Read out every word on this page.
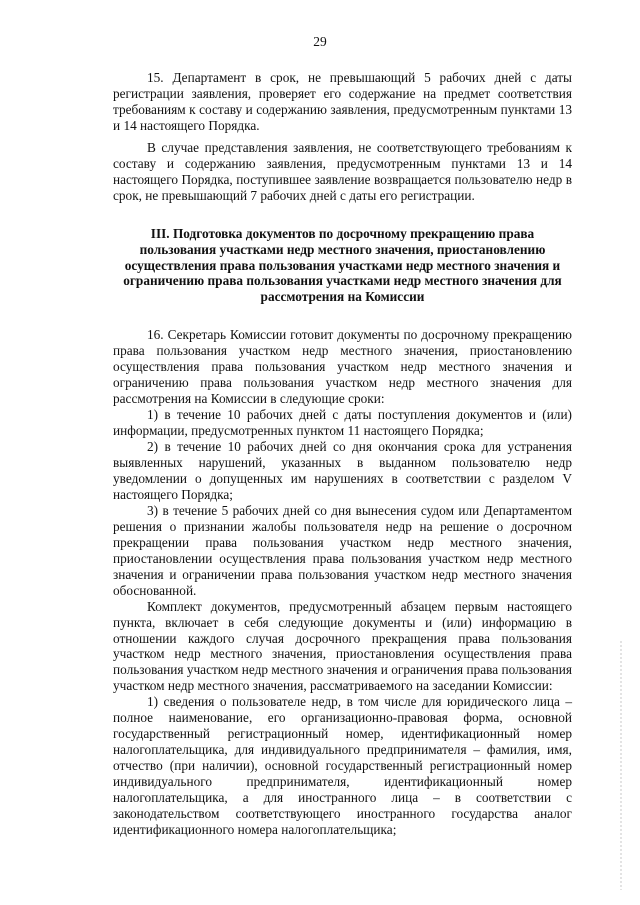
29

15. Департамент в срок, не превышающий 5 рабочих дней с даты регистрации заявления, проверяет его содержание на предмет соответствия требованиям к составу и содержанию заявления, предусмотренным пунктами 13 и 14 настоящего Порядка.

В случае представления заявления, не соответствующего требованиям к составу и содержанию заявления, предусмотренным пунктами 13 и 14 настоящего Порядка, поступившее заявление возвращается пользователю недр в срок, не превышающий 7 рабочих дней с даты его регистрации.

III. Подготовка документов по досрочному прекращению права пользования участками недр местного значения, приостановлению осуществления права пользования участками недр местного значения и ограничению права пользования участками недр местного значения для рассмотрения на Комиссии

16. Секретарь Комиссии готовит документы по досрочному прекращению права пользования участком недр местного значения, приостановлению осуществления права пользования участком недр местного значения и ограничению права пользования участком недр местного значения для рассмотрения на Комиссии в следующие сроки:

1) в течение 10 рабочих дней с даты поступления документов и (или) информации, предусмотренных пунктом 11 настоящего Порядка;

2) в течение 10 рабочих дней со дня окончания срока для устранения выявленных нарушений, указанных в выданном пользователю недр уведомлении о допущенных им нарушениях в соответствии с разделом V настоящего Порядка;

3) в течение 5 рабочих дней со дня вынесения судом или Департаментом решения о признании жалобы пользователя недр на решение о досрочном прекращении права пользования участком недр местного значения, приостановлении осуществления права пользования участком недр местного значения и ограничении права пользования участком недр местного значения обоснованной.

Комплект документов, предусмотренный абзацем первым настоящего пункта, включает в себя следующие документы и (или) информацию в отношении каждого случая досрочного прекращения права пользования участком недр местного значения, приостановления осуществления права пользования участком недр местного значения и ограничения права пользования участком недр местного значения, рассматриваемого на заседании Комиссии:

1) сведения о пользователе недр, в том числе для юридического лица – полное наименование, его организационно-правовая форма, основной государственный регистрационный номер, идентификационный номер налогоплательщика, для индивидуального предпринимателя – фамилия, имя, отчество (при наличии), основной государственный регистрационный номер индивидуального предпринимателя, идентификационный номер налогоплательщика, а для иностранного лица – в соответствии с законодательством соответствующего иностранного государства аналог идентификационного номера налогоплательщика;
